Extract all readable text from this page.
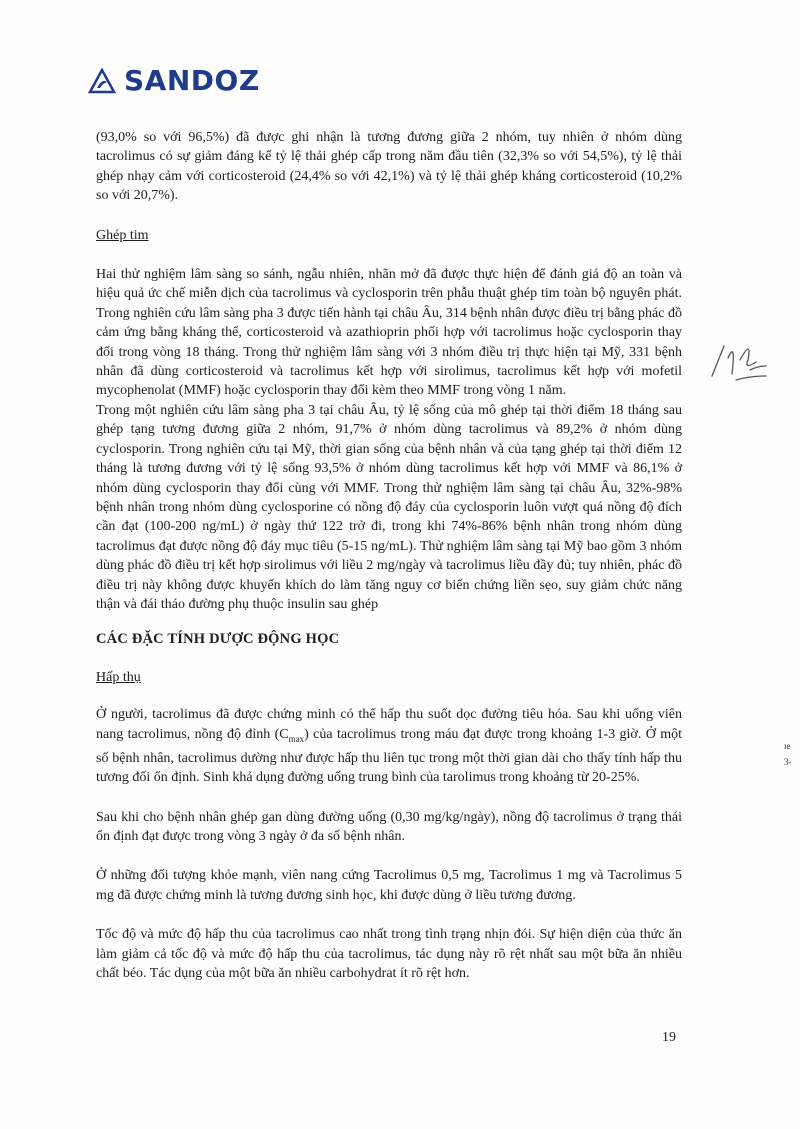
SANDOZ

(93,0% so với 96,5%) đã được ghi nhận là tương đương giữa 2 nhóm, tuy nhiên ở nhóm dùng tacrolimus có sự giảm đáng kể tỷ lệ thải ghép cấp trong năm đầu tiên (32,3% so với 54,5%), tỷ lệ thải ghép nhạy cảm với corticosteroid (24,4% so với 42,1%) và tỷ lệ thải ghép kháng corticosteroid (10,2% so với 20,7%).

Ghép tim

Hai thử nghiệm lâm sàng so sánh, ngẫu nhiên, nhãn mở đã được thực hiện để đánh giá độ an toàn và hiệu quả ức chế miễn dịch của tacrolimus và cyclosporin trên phẫu thuật ghép tim toàn bộ nguyên phát. Trong nghiên cứu lâm sàng pha 3 được tiến hành tại châu Âu, 314 bệnh nhân được điều trị bằng phác đồ cảm ứng bằng kháng thể, corticosteroid và azathioprin phối hợp với tacrolimus hoặc cyclosporin thay đổi trong vòng 18 tháng. Trong thử nghiệm lâm sàng với 3 nhóm điều trị thực hiện tại Mỹ, 331 bệnh nhân đã dùng corticosteroid và tacrolimus kết hợp với sirolimus, tacrolimus kết hợp với mofetil mycophenolat (MMF) hoặc cyclosporin thay đổi kèm theo MMF trong vòng 1 năm.

Trong một nghiên cứu lâm sàng pha 3 tại châu Âu, tỷ lệ sống của mô ghép tại thời điểm 18 tháng sau ghép tạng tương đương giữa 2 nhóm, 91,7% ở nhóm dùng tacrolimus và 89,2% ở nhóm dùng cyclosporin. Trong nghiên cứu tại Mỹ, thời gian sống của bệnh nhân và của tạng ghép tại thời điểm 12 tháng là tương đương với tỷ lệ sống 93,5% ở nhóm dùng tacrolimus kết hợp với MMF và 86,1% ở nhóm dùng cyclosporin thay đổi cùng với MMF. Trong thử nghiệm lâm sàng tại châu Âu, 32%-98% bệnh nhân trong nhóm dùng cyclosporine có nồng độ đáy của cyclosporin luôn vượt quá nồng độ đích cần đạt (100-200 ng/mL) ở ngày thứ 122 trở đi, trong khi 74%-86% bệnh nhân trong nhóm dùng tacrolimus đạt được nồng độ đáy mục tiêu (5-15 ng/mL). Thử nghiệm lâm sàng tại Mỹ bao gồm 3 nhóm dùng phác đồ điều trị kết hợp sirolimus với liều 2 mg/ngày và tacrolimus liều đầy đủ; tuy nhiên, phác đồ điều trị này không được khuyến khích do làm tăng nguy cơ biến chứng liền sẹo, suy giảm chức năng thận và đái tháo đường phụ thuộc insulin sau ghép

CÁC ĐẶC TÍNH DƯỢC ĐỘNG HỌC

Hấp thụ

Ở người, tacrolimus đã được chứng minh có thể hấp thu suốt dọc đường tiêu hóa. Sau khi uống viên nang tacrolimus, nồng độ đỉnh $(C_{max})$ của tacrolimus trong máu đạt được trong khoảng 1-3 giờ. Ở một số bệnh nhân, tacrolimus dường như được hấp thu liên tục trong một thời gian dài cho thấy tính hấp thu tương đối ổn định. Sinh khả dụng đường uống trung bình của tarolimus trong khoảng từ 20-25%.

Sau khi cho bệnh nhân ghép gan dùng đường uống (0,30 mg/kg/ngày), nồng độ tacrolimus ở trạng thái ổn định đạt được trong vòng 3 ngày ở đa số bệnh nhân.

Ở những đối tượng khỏe mạnh, viên nang cứng Tacrolimus 0,5 mg, Tacrolimus 1 mg và Tacrolimus 5 mg đã được chứng minh là tương đương sinh học, khi được dùng ở liều tương đương.

Tốc độ và mức độ hấp thu của tacrolimus cao nhất trong tình trạng nhịn đói. Sự hiện diện của thức ăn làm giảm cả tốc độ và mức độ hấp thu của tacrolimus, tác dụng này rõ rệt nhất sau một bữa ăn nhiều chất béo. Tác dụng của một bữa ăn nhiều carbohydrat ít rõ rệt hơn.

ıe
3-
19
